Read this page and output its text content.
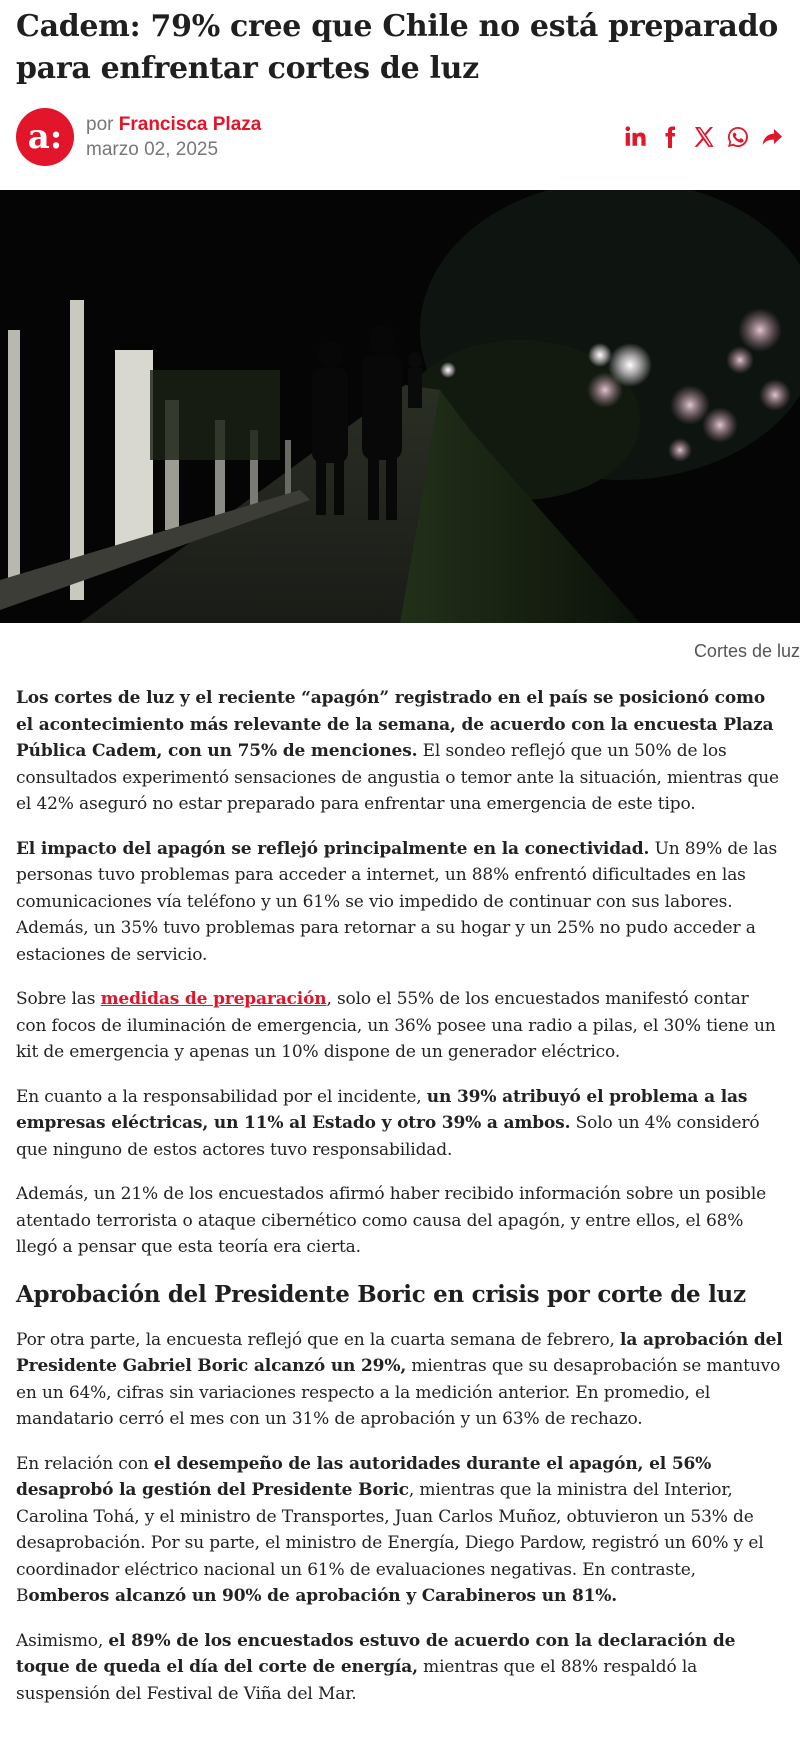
Cadem: 79% cree que Chile no está preparado para enfrentar cortes de luz
a:	por Francisca Plaza
marzo 02, 2025
Cortes de luz

Los cortes de luz y el reciente “apagón” registrado en el país se posicionó como el acontecimiento más relevante de la semana, de acuerdo con la encuesta Plaza Pública Cadem, con un 75% de menciones. El sondeo reflejó que un 50% de los consultados experimentó sensaciones de angustia o temor ante la situación, mientras que el 42% aseguró no estar preparado para enfrentar una emergencia de este tipo.

El impacto del apagón se reflejó principalmente en la conectividad. Un 89% de las personas tuvo problemas para acceder a internet, un 88% enfrentó dificultades en las comunicaciones vía teléfono y un 61% se vio impedido de continuar con sus labores. Además, un 35% tuvo problemas para retornar a su hogar y un 25% no pudo acceder a estaciones de servicio.

Sobre las medidas de preparación, solo el 55% de los encuestados manifestó contar con focos de iluminación de emergencia, un 36% posee una radio a pilas, el 30% tiene un kit de emergencia y apenas un 10% dispone de un generador eléctrico.

En cuanto a la responsabilidad por el incidente, un 39% atribuyó el problema a las empresas eléctricas, un 11% al Estado y otro 39% a ambos. Solo un 4% consideró que ninguno de estos actores tuvo responsabilidad.

Además, un 21% de los encuestados afirmó haber recibido información sobre un posible atentado terrorista o ataque cibernético como causa del apagón, y entre ellos, el 68% llegó a pensar que esta teoría era cierta.

Aprobación del Presidente Boric en crisis por corte de luz

Por otra parte, la encuesta reflejó que en la cuarta semana de febrero, la aprobación del Presidente Gabriel Boric alcanzó un 29%, mientras que su desaprobación se mantuvo en un 64%, cifras sin variaciones respecto a la medición anterior. En promedio, el mandatario cerró el mes con un 31% de aprobación y un 63% de rechazo.

En relación con el desempeño de las autoridades durante el apagón, el 56% desaprobó la gestión del Presidente Boric, mientras que la ministra del Interior, Carolina Tohá, y el ministro de Transportes, Juan Carlos Muñoz, obtuvieron un 53% de desaprobación. Por su parte, el ministro de Energía, Diego Pardow, registró un 60% y el coordinador eléctrico nacional un 61% de evaluaciones negativas. En contraste, Bomberos alcanzó un 90% de aprobación y Carabineros un 81%.

Asimismo, el 89% de los encuestados estuvo de acuerdo con la declaración de toque de queda el día del corte de energía, mientras que el 88% respaldó la suspensión del Festival de Viña del Mar.
